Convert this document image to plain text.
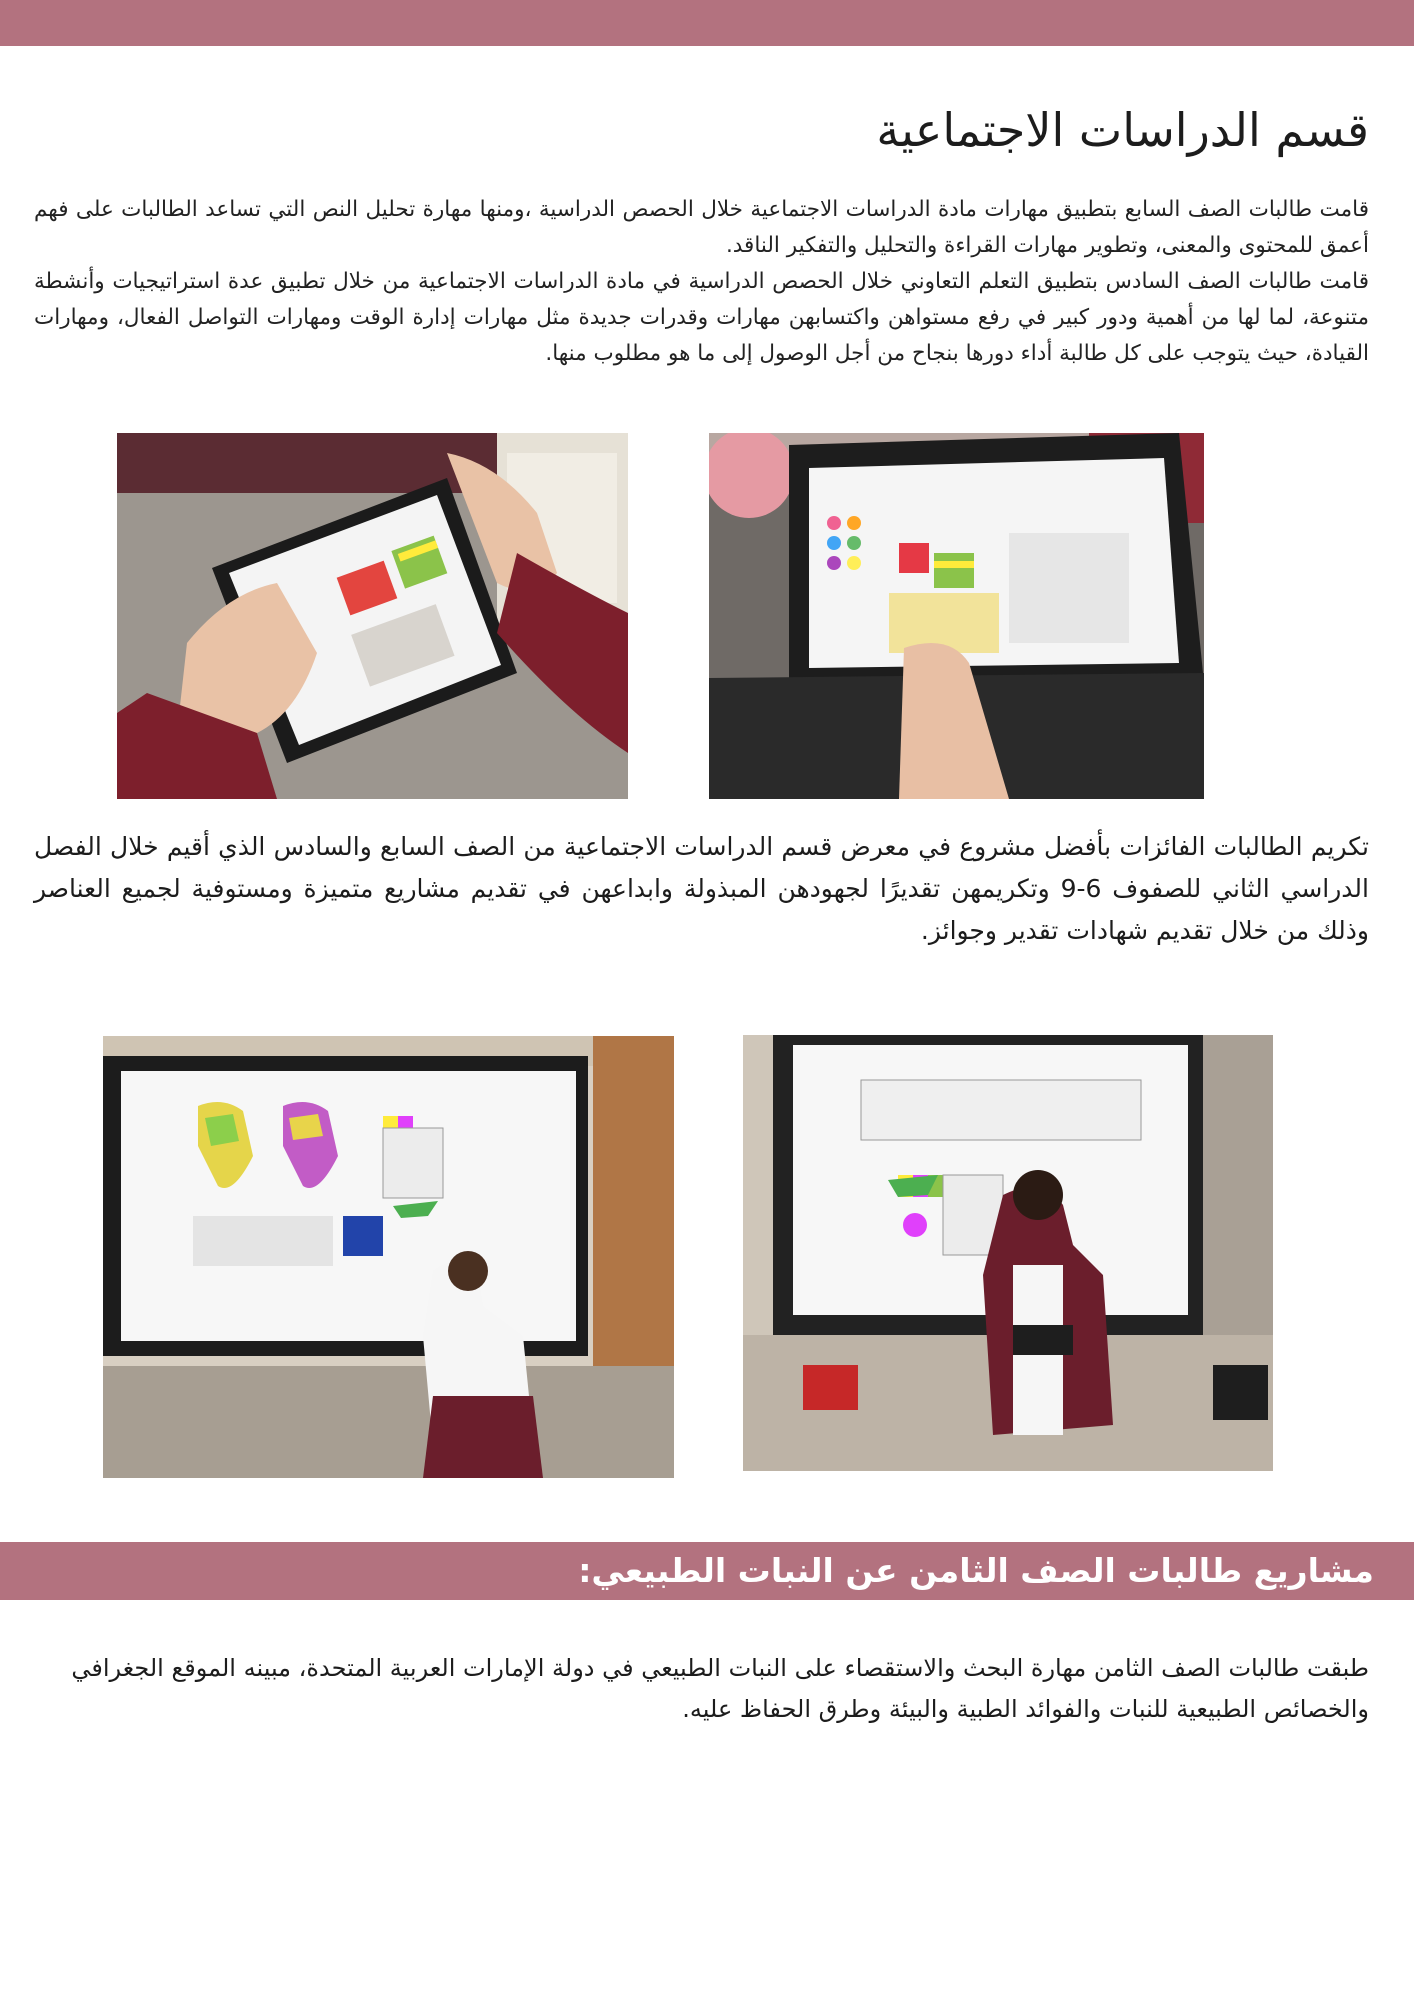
قسم الدراسات الاجتماعية

قامت طالبات الصف السابع بتطبيق مهارات مادة الدراسات الاجتماعية خلال الحصص الدراسية ،ومنها مهارة تحليل النص التي تساعد الطالبات على فهم أعمق للمحتوى والمعنى، وتطوير مهارات القراءة والتحليل والتفكير الناقد.

قامت طالبات الصف السادس بتطبيق التعلم التعاوني خلال الحصص الدراسية في مادة الدراسات الاجتماعية من خلال تطبيق عدة استراتيجيات وأنشطة متنوعة، لما لها من أهمية ودور كبير في رفع مستواهن واكتسابهن مهارات وقدرات جديدة مثل مهارات إدارة الوقت ومهارات التواصل الفعال، ومهارات القيادة، حيث يتوجب على كل طالبة أداء دورها بنجاح من أجل الوصول إلى ما هو مطلوب منها.

تكريم الطالبات الفائزات بأفضل مشروع في معرض قسم الدراسات الاجتماعية من الصف السابع والسادس الذي أقيم خلال الفصل الدراسي الثاني للصفوف 6-9 وتكريمهن تقديرًا لجهودهن المبذولة وابداعهن في تقديم مشاريع متميزة ومستوفية لجميع العناصر وذلك من خلال تقديم شهادات تقدير وجوائز.
مشاريع طالبات الصف الثامن عن النبات الطبيعي:
طبقت طالبات الصف الثامن مهارة البحث والاستقصاء على النبات الطبيعي في دولة الإمارات العربية المتحدة، مبينه الموقع الجغرافي والخصائص الطبيعية للنبات والفوائد الطبية والبيئة وطرق الحفاظ عليه.
